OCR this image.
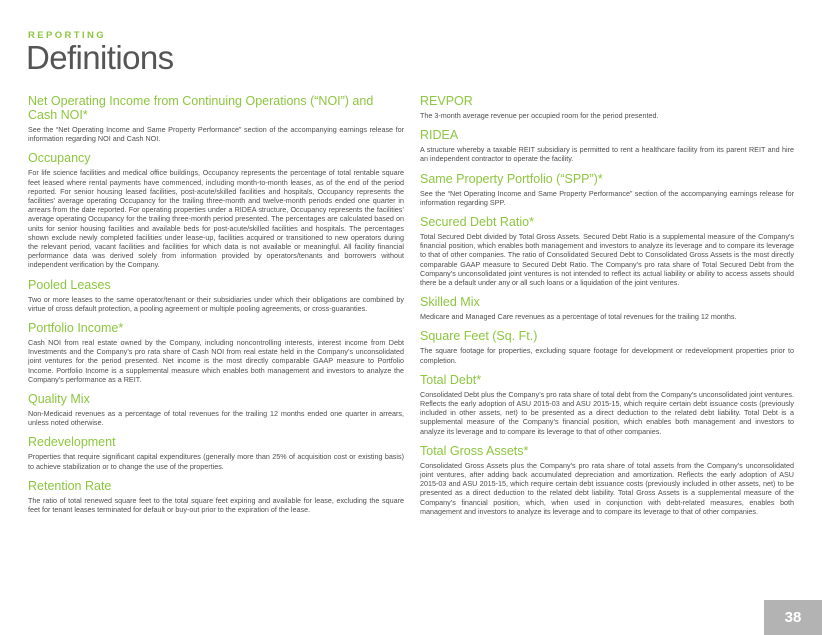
REPORTING
Definitions
Net Operating Income from Continuing Operations (“NOI”) and Cash NOI*

See the “Net Operating Income and Same Property Performance” section of the accompanying earnings release for information regarding NOI and Cash NOI.

Occupancy

For life science facilities and medical office buildings, Occupancy represents the percentage of total rentable square feet leased where rental payments have commenced, including month-to-month leases, as of the end of the period reported. For senior housing leased facilities, post-acute/skilled facilities and hospitals, Occupancy represents the facilities’ average operating Occupancy for the trailing three-month and twelve-month periods ended one quarter in arrears from the date reported. For operating properties under a RIDEA structure, Occupancy represents the facilities’ average operating Occupancy for the trailing three-month period presented. The percentages are calculated based on units for senior housing facilities and available beds for post-acute/skilled facilities and hospitals. The percentages shown exclude newly completed facilities under lease-up, facilities acquired or transitioned to new operators during the relevant period, vacant facilities and facilities for which data is not available or meaningful. All facility financial performance data was derived solely from information provided by operators/tenants and borrowers without independent verification by the Company.

Pooled Leases

Two or more leases to the same operator/tenant or their subsidiaries under which their obligations are combined by virtue of cross default protection, a pooling agreement or multiple pooling agreements, or cross-guaranties.

Portfolio Income*

Cash NOI from real estate owned by the Company, including noncontrolling interests, interest income from Debt Investments and the Company’s pro rata share of Cash NOI from real estate held in the Company’s unconsolidated joint ventures for the period presented. Net income is the most directly comparable GAAP measure to Portfolio Income. Portfolio Income is a supplemental measure which enables both management and investors to analyze the Company’s performance as a REIT.

Quality Mix

Non-Medicaid revenues as a percentage of total revenues for the trailing 12 months ended one quarter in arrears, unless noted otherwise.

Redevelopment

Properties that require significant capital expenditures (generally more than 25% of acquisition cost or existing basis) to achieve stabilization or to change the use of the properties.

Retention Rate

The ratio of total renewed square feet to the total square feet expiring and available for lease, excluding the square feet for tenant leases terminated for default or buy-out prior to the expiration of the lease.

REVPOR

The 3-month average revenue per occupied room for the period presented.

RIDEA

A structure whereby a taxable REIT subsidiary is permitted to rent a healthcare facility from its parent REIT and hire an independent contractor to operate the facility.

Same Property Portfolio (“SPP”)*

See the “Net Operating Income and Same Property Performance” section of the accompanying earnings release for information regarding SPP.

Secured Debt Ratio*

Total Secured Debt divided by Total Gross Assets. Secured Debt Ratio is a supplemental measure of the Company’s financial position, which enables both management and investors to analyze its leverage and to compare its leverage to that of other companies. The ratio of Consolidated Secured Debt to Consolidated Gross Assets is the most directly comparable GAAP measure to Secured Debt Ratio. The Company’s pro rata share of Total Secured Debt from the Company’s unconsolidated joint ventures is not intended to reflect its actual liability or ability to access assets should there be a default under any or all such loans or a liquidation of the joint ventures.

Skilled Mix

Medicare and Managed Care revenues as a percentage of total revenues for the trailing 12 months.

Square Feet (Sq. Ft.)

The square footage for properties, excluding square footage for development or redevelopment properties prior to completion.

Total Debt*

Consolidated Debt plus the Company’s pro rata share of total debt from the Company’s unconsolidated joint ventures. Reflects the early adoption of ASU 2015-03 and ASU 2015-15, which require certain debt issuance costs (previously included in other assets, net) to be presented as a direct deduction to the related debt liability. Total Debt is a supplemental measure of the Company’s financial position, which enables both management and investors to analyze its leverage and to compare its leverage to that of other companies.

Total Gross Assets*

Consolidated Gross Assets plus the Company’s pro rata share of total assets from the Company’s unconsolidated joint ventures, after adding back accumulated depreciation and amortization. Reflects the early adoption of ASU 2015-03 and ASU 2015-15, which require certain debt issuance costs (previously included in other assets, net) to be presented as a direct deduction to the related debt liability. Total Gross Assets is a supplemental measure of the Company’s financial position, which, when used in conjunction with debt-related measures, enables both management and investors to analyze its leverage and to compare its leverage to that of other companies.

38
